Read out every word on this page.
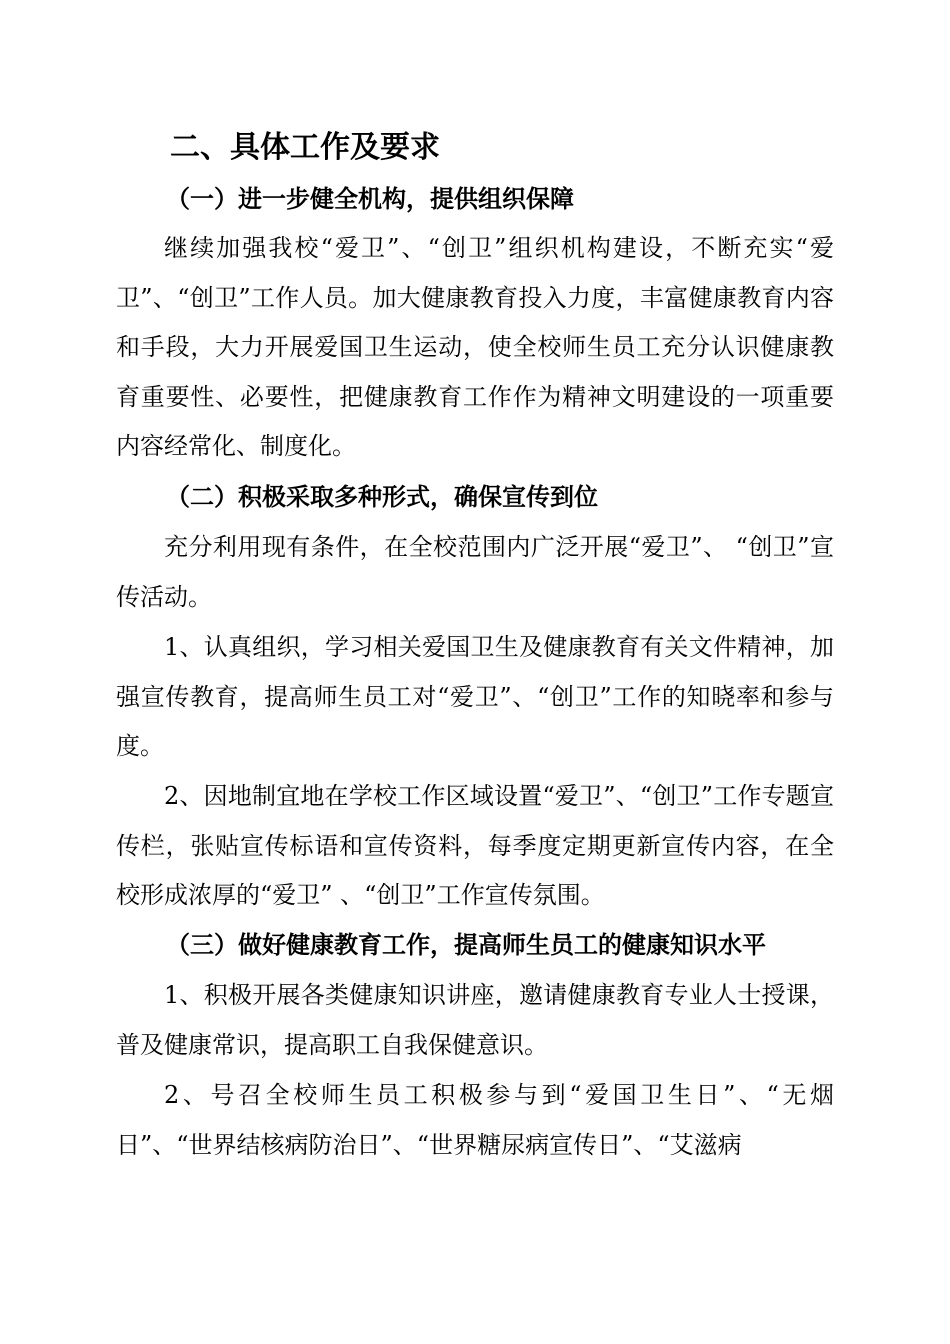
二、具体工作及要求
（一）进一步健全机构，提供组织保障
继续加强我校“爱卫”、“创卫”组织机构建设，不断充实“爱卫”、“创卫”工作人员。加大健康教育投入力度，丰富健康教育内容和手段，大力开展爱国卫生运动，使全校师生员工充分认识健康教育重要性、必要性，把健康教育工作作为精神文明建设的一项重要内容经常化、制度化。
（二）积极采取多种形式，确保宣传到位
充分利用现有条件，在全校范围内广泛开展“爱卫”、 “创卫”宣传活动。
1、认真组织，学习相关爱国卫生及健康教育有关文件精神，加强宣传教育，提高师生员工对“爱卫”、“创卫”工作的知晓率和参与度。
2、因地制宜地在学校工作区域设置“爱卫”、“创卫”工作专题宣传栏，张贴宣传标语和宣传资料，每季度定期更新宣传内容，在全校形成浓厚的“爱卫” 、“创卫”工作宣传氛围。
（三）做好健康教育工作，提高师生员工的健康知识水平
1、积极开展各类健康知识讲座，邀请健康教育专业人士授课，普及健康常识，提高职工自我保健意识。
2、号召全校师生员工积极参与到“爱国卫生日”、“无烟日”、“世界结核病防治日”、“世界糖尿病宣传日”、“艾滋病
